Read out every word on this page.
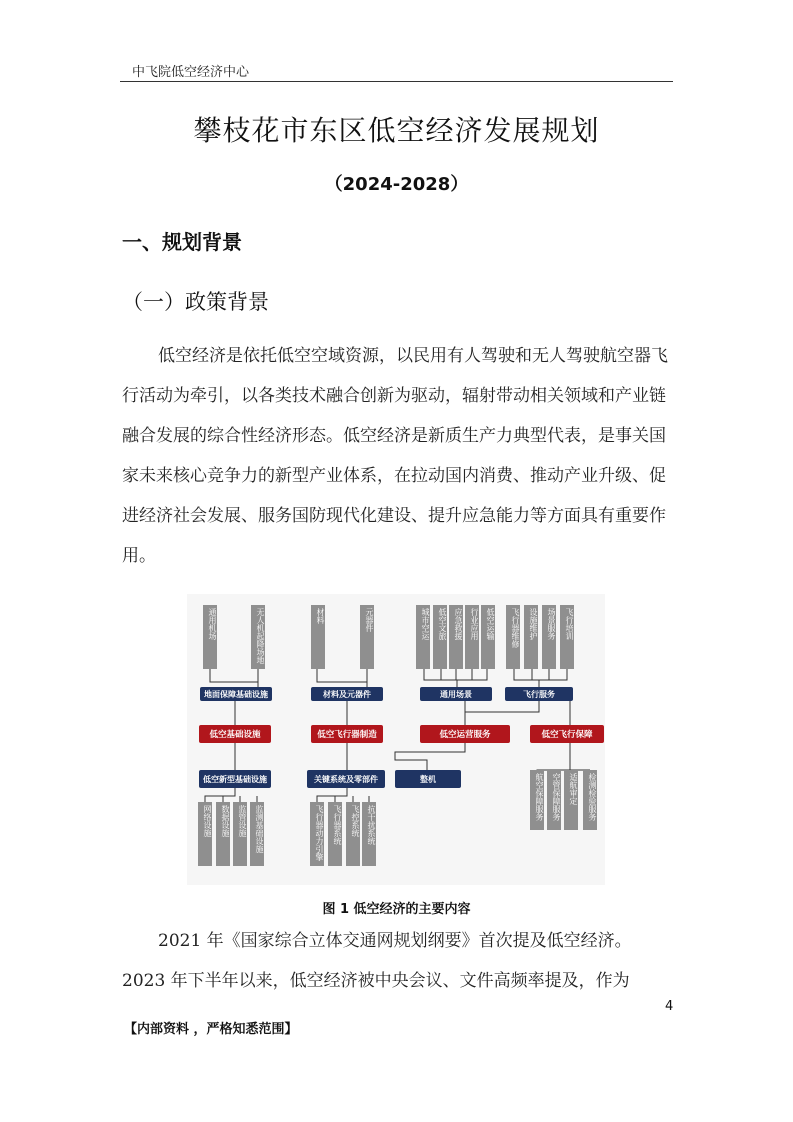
中飞院低空经济中心
攀枝花市东区低空经济发展规划
（2024-2028）
一、规划背景
（一）政策背景

低空经济是依托低空空域资源，以民用有人驾驶和无人驾驶航空器飞行活动为牵引，以各类技术融合创新为驱动，辐射带动相关领域和产业链融合发展的综合性经济形态。低空经济是新质生产力典型代表，是事关国家未来核心竞争力的新型产业体系，在拉动国内消费、推动产业升级、促进经济社会发展、服务国防现代化建设、提升应急能力等方面具有重要作用。

通用机场	无人机起降场地	材料	元器件	城市空运	低空文旅 应急救援 行业应用 低空运输	飞行器维修	设施维护	场景服务	飞行培训
地面保障基础设施	材料及元器件	通用场景	飞行服务
低空基础设施	低空飞行器制造	低空运营服务	低空飞行保障
低空新型基础设施	关键系统及零部件	整机
网络设施	数据设施	监管设施	监测基础设施	飞行器动力引擎	飞行器系统	飞控系统 抗干扰系统
航空保障服务	空管保障服务	适航审定	检测检验服务
图 1 低空经济的主要内容

2021 年《国家综合立体交通网规划纲要》首次提及低空经济。2023 年下半年以来，低空经济被中央会议、文件高频率提及，作为

4
【内部资料 ，严格知悉范围】
